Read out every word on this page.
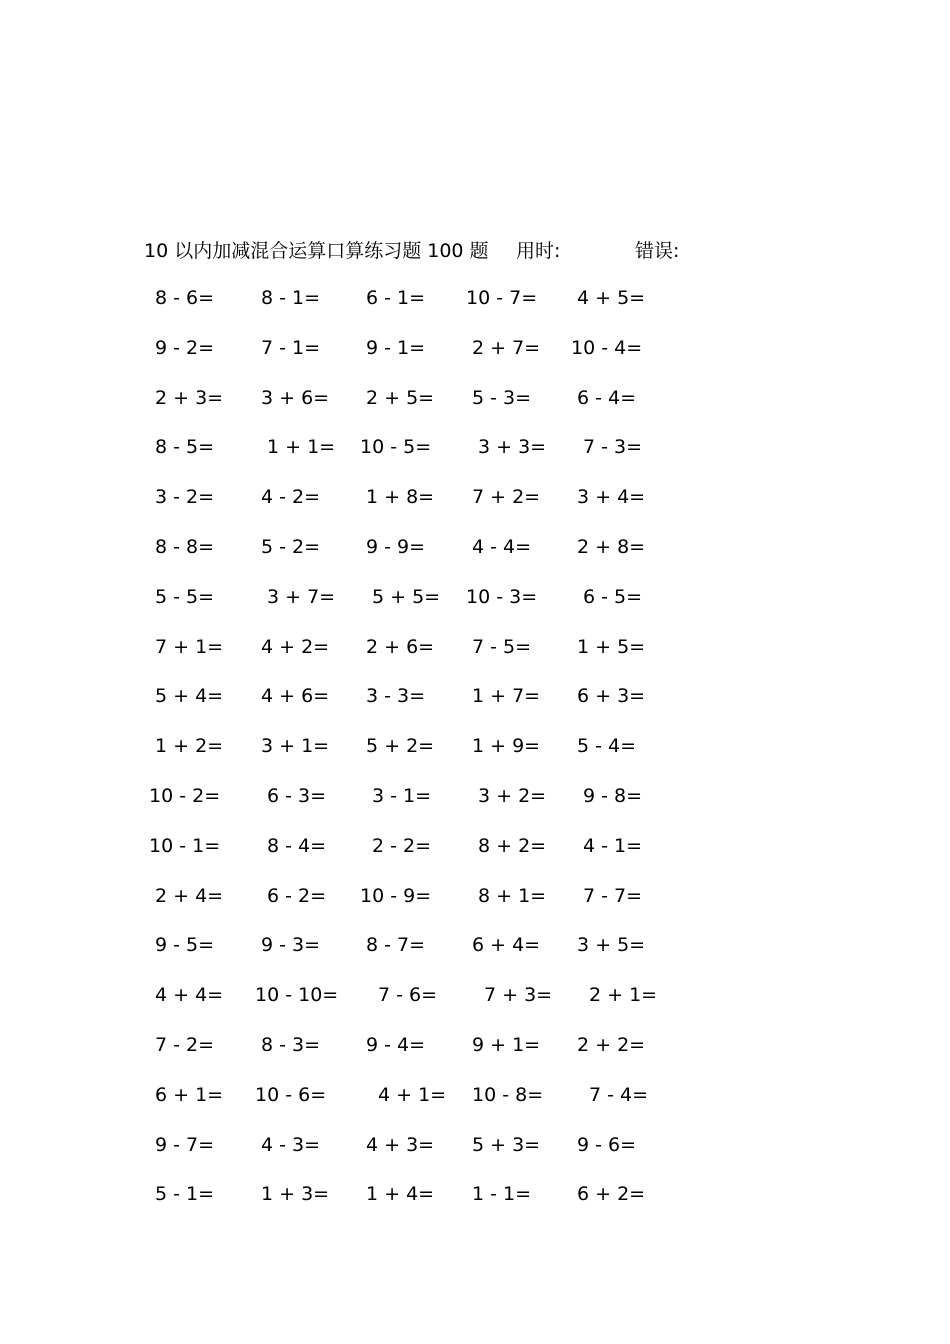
10 以内加减混合运算口算练习题 100 题 用时:	错误:
8 - 6= 8 - 1= 6 - 1= 10 - 7= 4 + 5=
9 - 2= 7 - 1= 9 - 1= 2 + 7= 10 - 4=
2 + 3= 3 + 6= 2 + 5= 5 - 3= 6 - 4=
8 - 5=	1 + 1= 10 - 5= 3 + 3= 7 - 3=
3 - 2= 4 - 2= 1 + 8= 7 + 2= 3 + 4=
8 - 8= 5 - 2= 9 - 9= 4 - 4= 2 + 8=
5 - 5=	3 + 7= 5 + 5= 10 - 3= 6 - 5=
7 + 1= 4 + 2= 2 + 6= 7 - 5= 1 + 5=
5 + 4= 4 + 6= 3 - 3= 1 + 7= 6 + 3=
1 + 2= 3 + 1= 5 + 2= 1 + 9= 5 - 4=
10 - 2= 6 - 3= 3 - 1= 3 + 2= 9 - 8=
10 - 1= 8 - 4= 2 - 2= 8 + 2= 4 - 1=
2 + 4= 6 - 2= 10 - 9= 8 + 1= 7 - 7=
9 - 5= 9 - 3= 8 - 7= 6 + 4= 3 + 5=
4 + 4= 10 - 10= 7 - 6= 7 + 3= 2 + 1=
7 - 2= 8 - 3= 9 - 4= 9 + 1= 2 + 2=
6 + 1= 10 - 6=	4 + 1= 10 - 8= 7 - 4=
9 - 7= 4 - 3= 4 + 3= 5 + 3= 9 - 6=
5 - 1= 1 + 3= 1 + 4= 1 - 1= 6 + 2=
